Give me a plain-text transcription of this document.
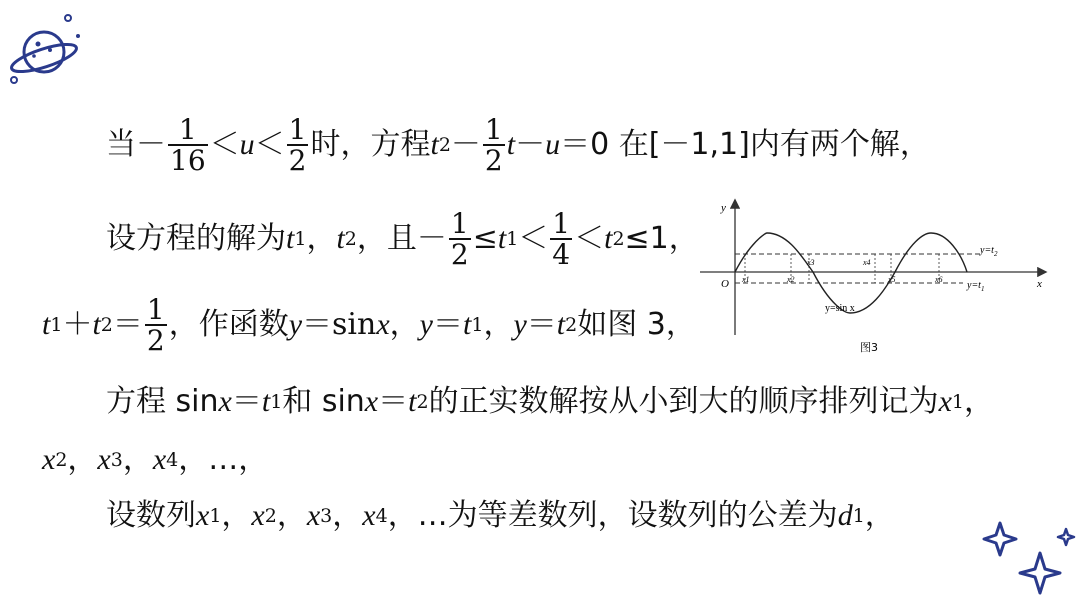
当－ $\frac{1}{16} < u < \frac{1}{2}$ 时，方程 t $2 - \frac{1}{2}$ t － u ＝0 在[－1,1]内有两个解，
设方程的解为 t 1 ， t 2 ，且－ $\frac{1}{2} \le t$ $1 < \frac{1}{4} < t$ 2 ≤1，
t 1 ＋ t $2 = \frac{1}{2}$ ，作函数 y ＝sin x ， y ＝ t 1 ， y ＝ t 2 如图 3，
方程 sin x ＝ t 1 和 sin x ＝ t 2 的正实数解按从小到大的顺序排列记为 x 1 ，
x 2 ， x 3 ， x 4 ，…，
设数列 x 1 ， x 2 ， x 3 ， x 4 ，…为等差数列，设数列的公差为 d 1 ，
y
x
O
$y=t_2$
$y=t_1$
y=sin x
x1	x2
x3	x4
x5	x6
图3
